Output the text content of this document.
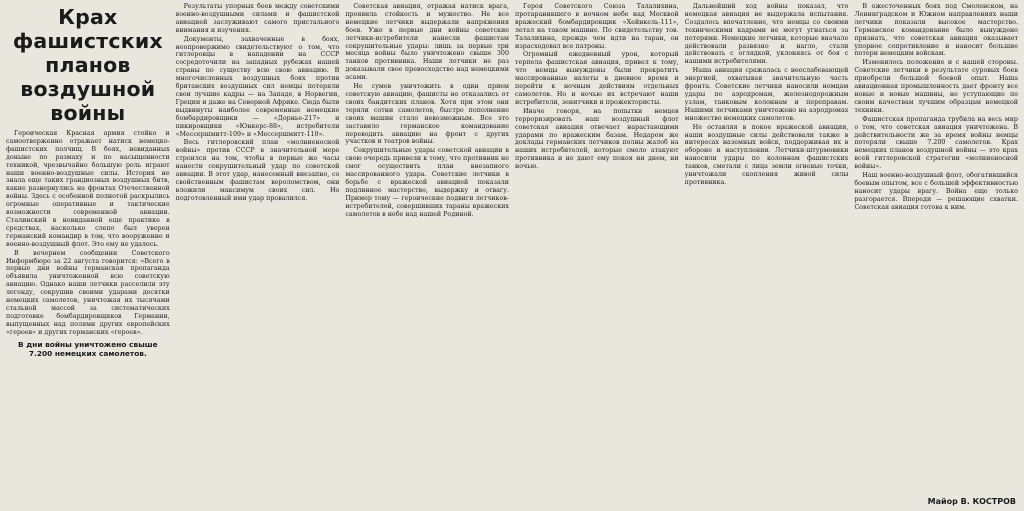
Крах фашистских планов воздушной войны

Героическая Красная армия стойко и самоотверженно отражает натиск немецко-фашистских полчищ. В боях, невиданных доныне по размаху и по насыщенности техникой, чрезвычайно большую роль играют наши военно-воздушные силы. История не знала еще таких грандиозных воздушных битв, какие развернулись на фронтах Отечественной войны. Здесь с особенной полнотой раскрылись огромные оперативные и тактические возможности современной авиации. Сталинский в невиданной еще практике в средствах, насколько слепо был уверен германский командир в том, что вооружение и военно-воздушный флот. Это ему не удалось.

В вечернем сообщении Советского Информбюро за 22 августа говорится: «Всего в первые дни войны германская пропаганда объявила уничтоженной всю советскую авиацию. Однако наши летчики расселили эту легенду, сокрушив своими ударами десятки немецких самолетов, уничтожая их тысячами стальной массой за систематических подготовке бомбардировщиков Германии, выпущенных над полями других европейских «героев» и других германских «героев».

В дни войны уничтожено свыше 7.200 немецких самолетов.

Результаты упорных боев между советскими военно-воздушными силами и фашистской авиацией заслуживают самого пристального внимания и изучения.

Документы, захваченные в боях, неопровержимо свидетельствуют о том, что гитлеровцы в нападении на СССР сосредоточили на западных рубежах нашей страны по существу всю свою авиацию. В многочисленных воздушных боях против британских воздушных сил немцы потеряли свои лучшие кадры — на Западе, в Норвегии, Греции и даже на Северной Африке. Сюда были выдвинуты наиболее современные немецкие бомбардировщики — «Дорнье-217» и пикировщики «Юнкерс-88», истребители «Мессершмитт-109» и «Мессершмитт-110».

Весь гитлеровский план «молниеносной войны» против СССР в значительной мере строился на том, чтобы в первые же часы нанести сокрушительный удар по советской авиации. В этот удар, нанесенный внезапно, со свойственным фашистам вероломством, они вложили максимум своих сил. Но подготовленный ими удар провалился.

Советская авиация, отражая натиск врага, проявила стойкость и мужество. Не все немецкие летчики выдержали напряжения боев. Уже в первые дни войны советские летчики-истребители нанесли фашистам сокрушительные удары: лишь за первые три месяца войны было уничтожено свыше 300 танков противника. Наши летчики не раз доказывали свое превосходство над немецкими асами.

Не сумев уничтожить в один прием советскую авиацию, фашисты не отказались от своих бандитских планов. Хотя при этом они теряли сотни самолетов, быстро пополнение своих машин стало невозможным. Все это заставило германское командование переводить авиацию на фронт с других участков и театров войны.

Сокрушительные удары советской авиации в свою очередь привели к тому, что противник не смог осуществить план внезапного массированного удара. Советские летчики в борьбе с вражеской авиацией показали подлинное мастерство, выдержку и отвагу. Пример тому — героические подвиги летчиков-истребителей, совершивших тараны вражеских самолетов в небе над нашей Родиной.

Героя Советского Союза Талалихина, протаранившего в ночном небе над Москвой вражеский бомбардировщик «Хейнкель-111», летал на таком машине. По свидетельству тов. Талалихина, прежде чем идти на таран, он израсходовал все патроны.

Огромный ежедневный урон, который терпела фашистская авиация, привел к тому, что немцы вынуждены были прекратить массированные налеты в дневное время и перейти к ночным действиям отдельных самолетов. Но и ночью их встречают наши истребители, зенитчики и прожектористы.

Иначе говоря, на попытки немцев терроризировать наш воздушный флот советская авиация отвечает нарастающими ударами по вражеским базам. Недаром же доклады германских летчиков полны жалоб на наших истребителей, которые смело атакуют противника и не дают ему покоя ни днем, ни ночью.

Дальнейший ход войны показал, что немецкая авиация не выдержала испытания. Создалось впечатление, что немцы со своими техническими кадрами не могут угнаться за потерями. Немецкие летчики, которые вначале действовали развязно и нагло, стали действовать с оглядкой, уклоняясь от боя с нашими истребителями.

Наша авиация сражалась с неослабевающей энергией, охватывая значительную часть фронта. Советские летчики наносили немцам удары по аэродромам, железнодорожным узлам, танковым колоннам и переправам. Нашими летчиками уничтожено на аэродромах множество немецких самолетов.

Не оставляя в покое вражеской авиации, наши воздушные силы действовали также в интересах наземных войск, поддерживая их в обороне и наступлении. Летчики-штурмовики наносили удары по колоннам фашистских танков, сметали с лица земли огневые точки, уничтожали скопления живой силы противника.

В ожесточенных боях под Смоленском, на Ленинградском и Южном направлениях наши летчики показали высокое мастерство. Германское командование было вынуждено признать, что советская авиация оказывает упорное сопротивление и наносит большие потери немецким войскам.

Изменилось положение и с нашей стороны. Советские летчики в результате суровых боев приобрели большой боевой опыт. Наша авиационная промышленность дает фронту все новые и новые машины, не уступающие по своим качествам лучшим образцам немецкой техники.

Фашистская пропаганда трубила на весь мир о том, что советская авиация уничтожена. В действительности же за время войны немцы потеряли свыше 7.200 самолетов. Крах немецких планов воздушной войны — это крах всей гитлеровской стратегии «молниеносной войны».

Наш военно-воздушный флот, обогатившийся боевым опытом, все с большей эффективностью наносит удары врагу. Война еще только разгорается. Впереди — решающие схватки. Советская авиация готова к ним.

Майор В. КОСТРОВ
